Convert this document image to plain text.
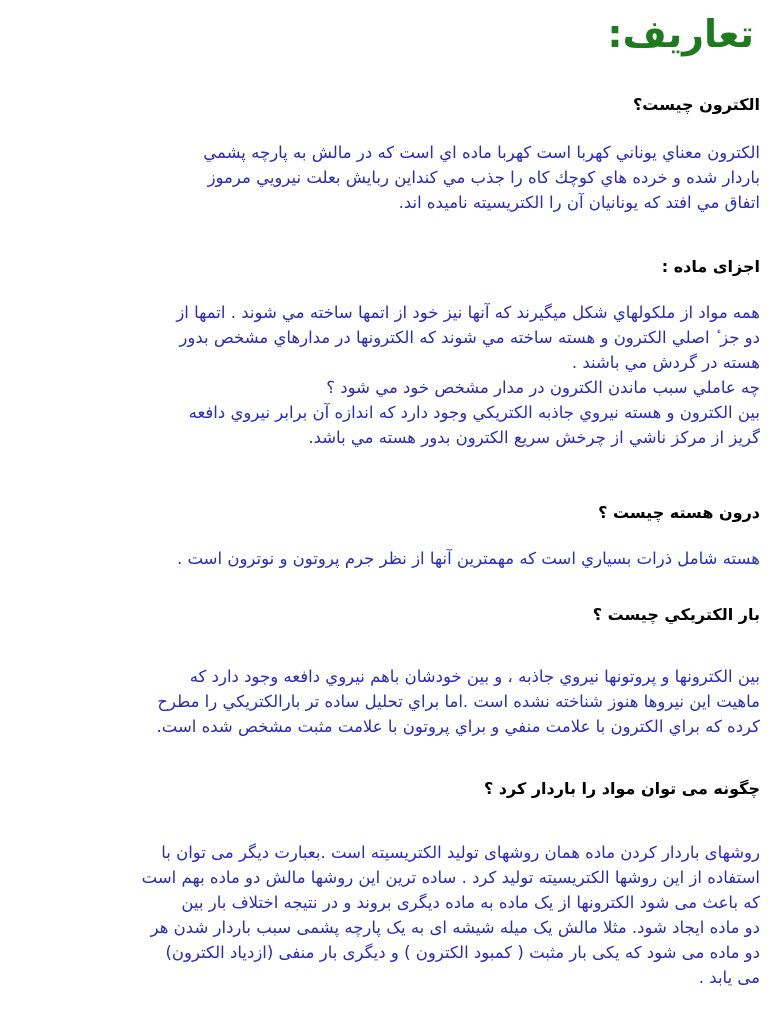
تعاریف:
الكترون چيست؟

الكترون معناي يوناني كهربا است كهربا ماده اي است كه در مالش به پارچه پشمي
باردار شده و خرده هاي كوچك كاه را جذب مي كنداين ربايش بعلت نيرويي مرموز
اتفاق مي افتد كه يونانيان آن را الكتريسيته ناميده اند.

اجزای ماده :

همه مواد از ملكولهاي شكل ميگيرند كه آنها نيز خود از اتمها ساخته مي شوند . اتمها از
دو جز ٔ اصلي الكترون و هسته ساخته مي شوند كه الكترونها در مدارهاي مشخص بدور
هسته در گردش مي باشند .
چه عاملي سبب ماندن الكترون در مدار مشخص خود مي شود ؟
بين الكترون و هسته نيروي جاذبه الكتريكي وجود دارد كه اندازه آن برابر نيروي دافعه
گريز از مركز ناشي از چرخش سريع الكترون بدور هسته مي باشد.

درون هسته چيست ؟

هسته شامل ذرات بسياري است كه مهمترين آنها از نظر جرم پروتون و نوترون است .

بار الكتريكي چيست ؟

بين الكترونها و پروتونها نيروي جاذبه ، و بين خودشان باهم نيروي دافعه وجود دارد كه
ماهيت اين نيروها هنوز شناخته نشده است .اما براي تحليل ساده تر بارالكتريكي را مطرح
كرده كه براي الكترون با علامت منفي و براي پروتون با علامت مثبت مشخص شده است.

چگونه می توان مواد را باردار کرد ؟

روشهای باردار کردن ماده همان روشهای تولید الکتریسیته است .بعبارت دیگر می توان با
استفاده از این روشها الکتریسیته تولید کرد . ساده ترین این روشها مالش دو ماده بهم است
که باعث می شود الکترونها از یک ماده به ماده دیگری بروند و در نتیجه اختلاف بار بین
دو ماده ایجاد شود. مثلا مالش یک میله شیشه ای به یک پارچه پشمی سبب باردار شدن هر
دو ماده می شود که یکی بار مثبت ( کمبود الکترون ) و دیگری بار منفی (ازدیاد الکترون)
می یابد .
